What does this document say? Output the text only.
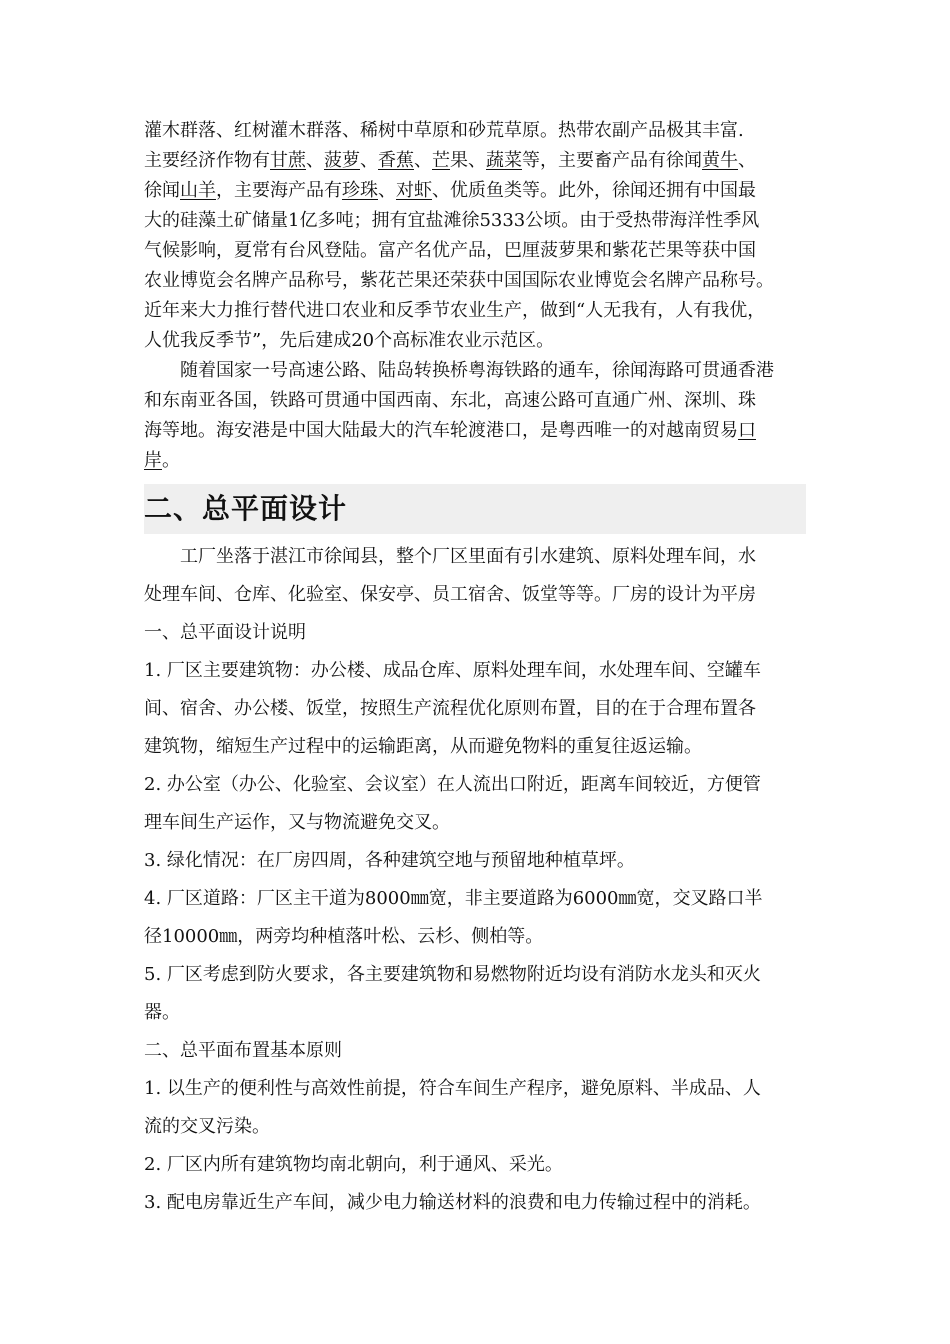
灌木群落、红树灌木群落、稀树中草原和砂荒草原。热带农副产品极其丰富.
主要经济作物有甘蔗、菠萝、香蕉、芒果、蔬菜等，主要畜产品有徐闻黄牛、
徐闻山羊，主要海产品有珍珠、对虾、优质鱼类等。此外，徐闻还拥有中国最
大的硅藻土矿储量1亿多吨；拥有宜盐滩徐5333公顷。由于受热带海洋性季风
气候影响，夏常有台风登陆。富产名优产品，巴厘菠萝果和紫花芒果等获中国
农业博览会名牌产品称号，紫花芒果还荣获中国国际农业博览会名牌产品称号。
近年来大力推行替代进口农业和反季节农业生产，做到“人无我有，人有我优，
人优我反季节”，先后建成20个高标准农业示范区。
随着国家一号高速公路、陆岛转换桥粤海铁路的通车，徐闻海路可贯通香港
和东南亚各国，铁路可贯通中国西南、东北，高速公路可直通广州、深圳、珠
海等地。海安港是中国大陆最大的汽车轮渡港口，是粤西唯一的对越南贸易口
岸。
二、总平面设计
工厂坐落于湛江市徐闻县，整个厂区里面有引水建筑、原料处理车间，水
处理车间、仓库、化验室、保安亭、员工宿舍、饭堂等等。厂房的设计为平房
一、总平面设计说明
1. 厂区主要建筑物：办公楼、成品仓库、原料处理车间，水处理车间、空罐车
间、宿舍、办公楼、饭堂，按照生产流程优化原则布置，目的在于合理布置各
建筑物，缩短生产过程中的运输距离，从而避免物料的重复往返运输。
2. 办公室（办公、化验室、会议室）在人流出口附近，距离车间较近，方便管
理车间生产运作，又与物流避免交叉。
3. 绿化情况：在厂房四周，各种建筑空地与预留地种植草坪。
4. 厂区道路：厂区主干道为8000㎜宽，非主要道路为6000㎜宽，交叉路口半
径10000㎜，两旁均种植落叶松、云杉、侧柏等。
5. 厂区考虑到防火要求，各主要建筑物和易燃物附近均设有消防水龙头和灭火
器。
二、总平面布置基本原则
1. 以生产的便利性与高效性前提，符合车间生产程序，避免原料、半成品、人
流的交叉污染。
2. 厂区内所有建筑物均南北朝向，利于通风、采光。
3. 配电房靠近生产车间，减少电力输送材料的浪费和电力传输过程中的消耗。
